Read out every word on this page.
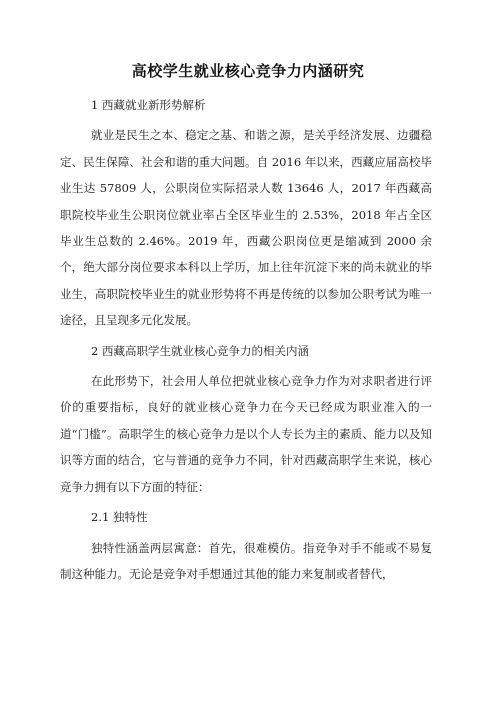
高校学生就业核心竞争力内涵研究
1 西藏就业新形势解析
就业是民生之本、稳定之基、和谐之源，是关乎经济发展、边疆稳定、民生保障、社会和谐的重大问题。自 2016 年以来，西藏应届高校毕业生达 57809 人，公职岗位实际招录人数 13646 人，2017 年西藏高职院校毕业生公职岗位就业率占全区毕业生的 2.53%，2018 年占全区毕业生总数的 2.46%。2019 年，西藏公职岗位更是缩减到 2000 余个，绝大部分岗位要求本科以上学历，加上往年沉淀下来的尚未就业的毕业生，高职院校毕业生的就业形势将不再是传统的以参加公职考试为唯一途径，且呈现多元化发展。
2 西藏高职学生就业核心竞争力的相关内涵
在此形势下，社会用人单位把就业核心竞争力作为对求职者进行评价的重要指标，良好的就业核心竞争力在今天已经成为职业准入的一道“门槛”。高职学生的核心竞争力是以个人专长为主的素质、能力以及知识等方面的结合，它与普通的竞争力不同，针对西藏高职学生来说，核心竞争力拥有以下方面的特征：
2.1 独特性
独特性涵盖两层寓意：首先，很难模仿。指竞争对手不能或不易复制这种能力。无论是竞争对手想通过其他的能力来复制或者替代，
